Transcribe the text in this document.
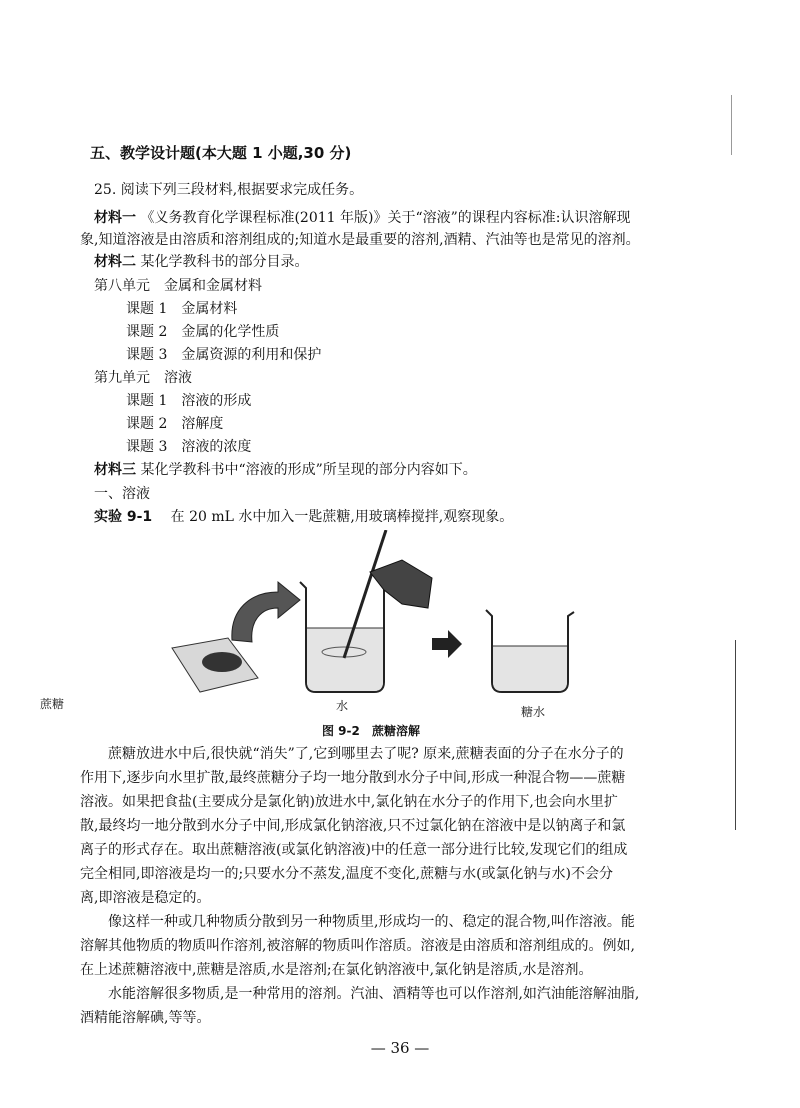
五、教学设计题(本大题 1 小题,30 分)
25. 阅读下列三段材料,根据要求完成任务。
材料一 《义务教育化学课程标准(2011 年版)》关于“溶液”的课程内容标准:认识溶解现
象,知道溶液是由溶质和溶剂组成的;知道水是最重要的溶剂,酒精、汽油等也是常见的溶剂。
材料二 某化学教科书的部分目录。
第八单元　金属和金属材料
课题 1　金属材料
课题 2　金属的化学性质
课题 3　金属资源的利用和保护
第九单元　溶液
课题 1　溶液的形成
课题 2　溶解度
课题 3　溶液的浓度
材料三 某化学教科书中“溶液的形成”所呈现的部分内容如下。
一、溶液
实验 9-1 在 20 mL 水中加入一匙蔗糖,用玻璃棒搅拌,观察现象。
蔗糖	水	糖水
图 9-2 蔗糖溶解
蔗糖放进水中后,很快就“消失”了,它到哪里去了呢? 原来,蔗糖表面的分子在水分子的
作用下,逐步向水里扩散,最终蔗糖分子均一地分散到水分子中间,形成一种混合物——蔗糖
溶液。如果把食盐(主要成分是氯化钠)放进水中,氯化钠在水分子的作用下,也会向水里扩
散,最终均一地分散到水分子中间,形成氯化钠溶液,只不过氯化钠在溶液中是以钠离子和氯
离子的形式存在。取出蔗糖溶液(或氯化钠溶液)中的任意一部分进行比较,发现它们的组成
完全相同,即溶液是均一的;只要水分不蒸发,温度不变化,蔗糖与水(或氯化钠与水)不会分
离,即溶液是稳定的。
像这样一种或几种物质分散到另一种物质里,形成均一的、稳定的混合物,叫作溶液。能
溶解其他物质的物质叫作溶剂,被溶解的物质叫作溶质。溶液是由溶质和溶剂组成的。例如,
在上述蔗糖溶液中,蔗糖是溶质,水是溶剂;在氯化钠溶液中,氯化钠是溶质,水是溶剂。
水能溶解很多物质,是一种常用的溶剂。汽油、酒精等也可以作溶剂,如汽油能溶解油脂,
酒精能溶解碘,等等。
— 36 —
